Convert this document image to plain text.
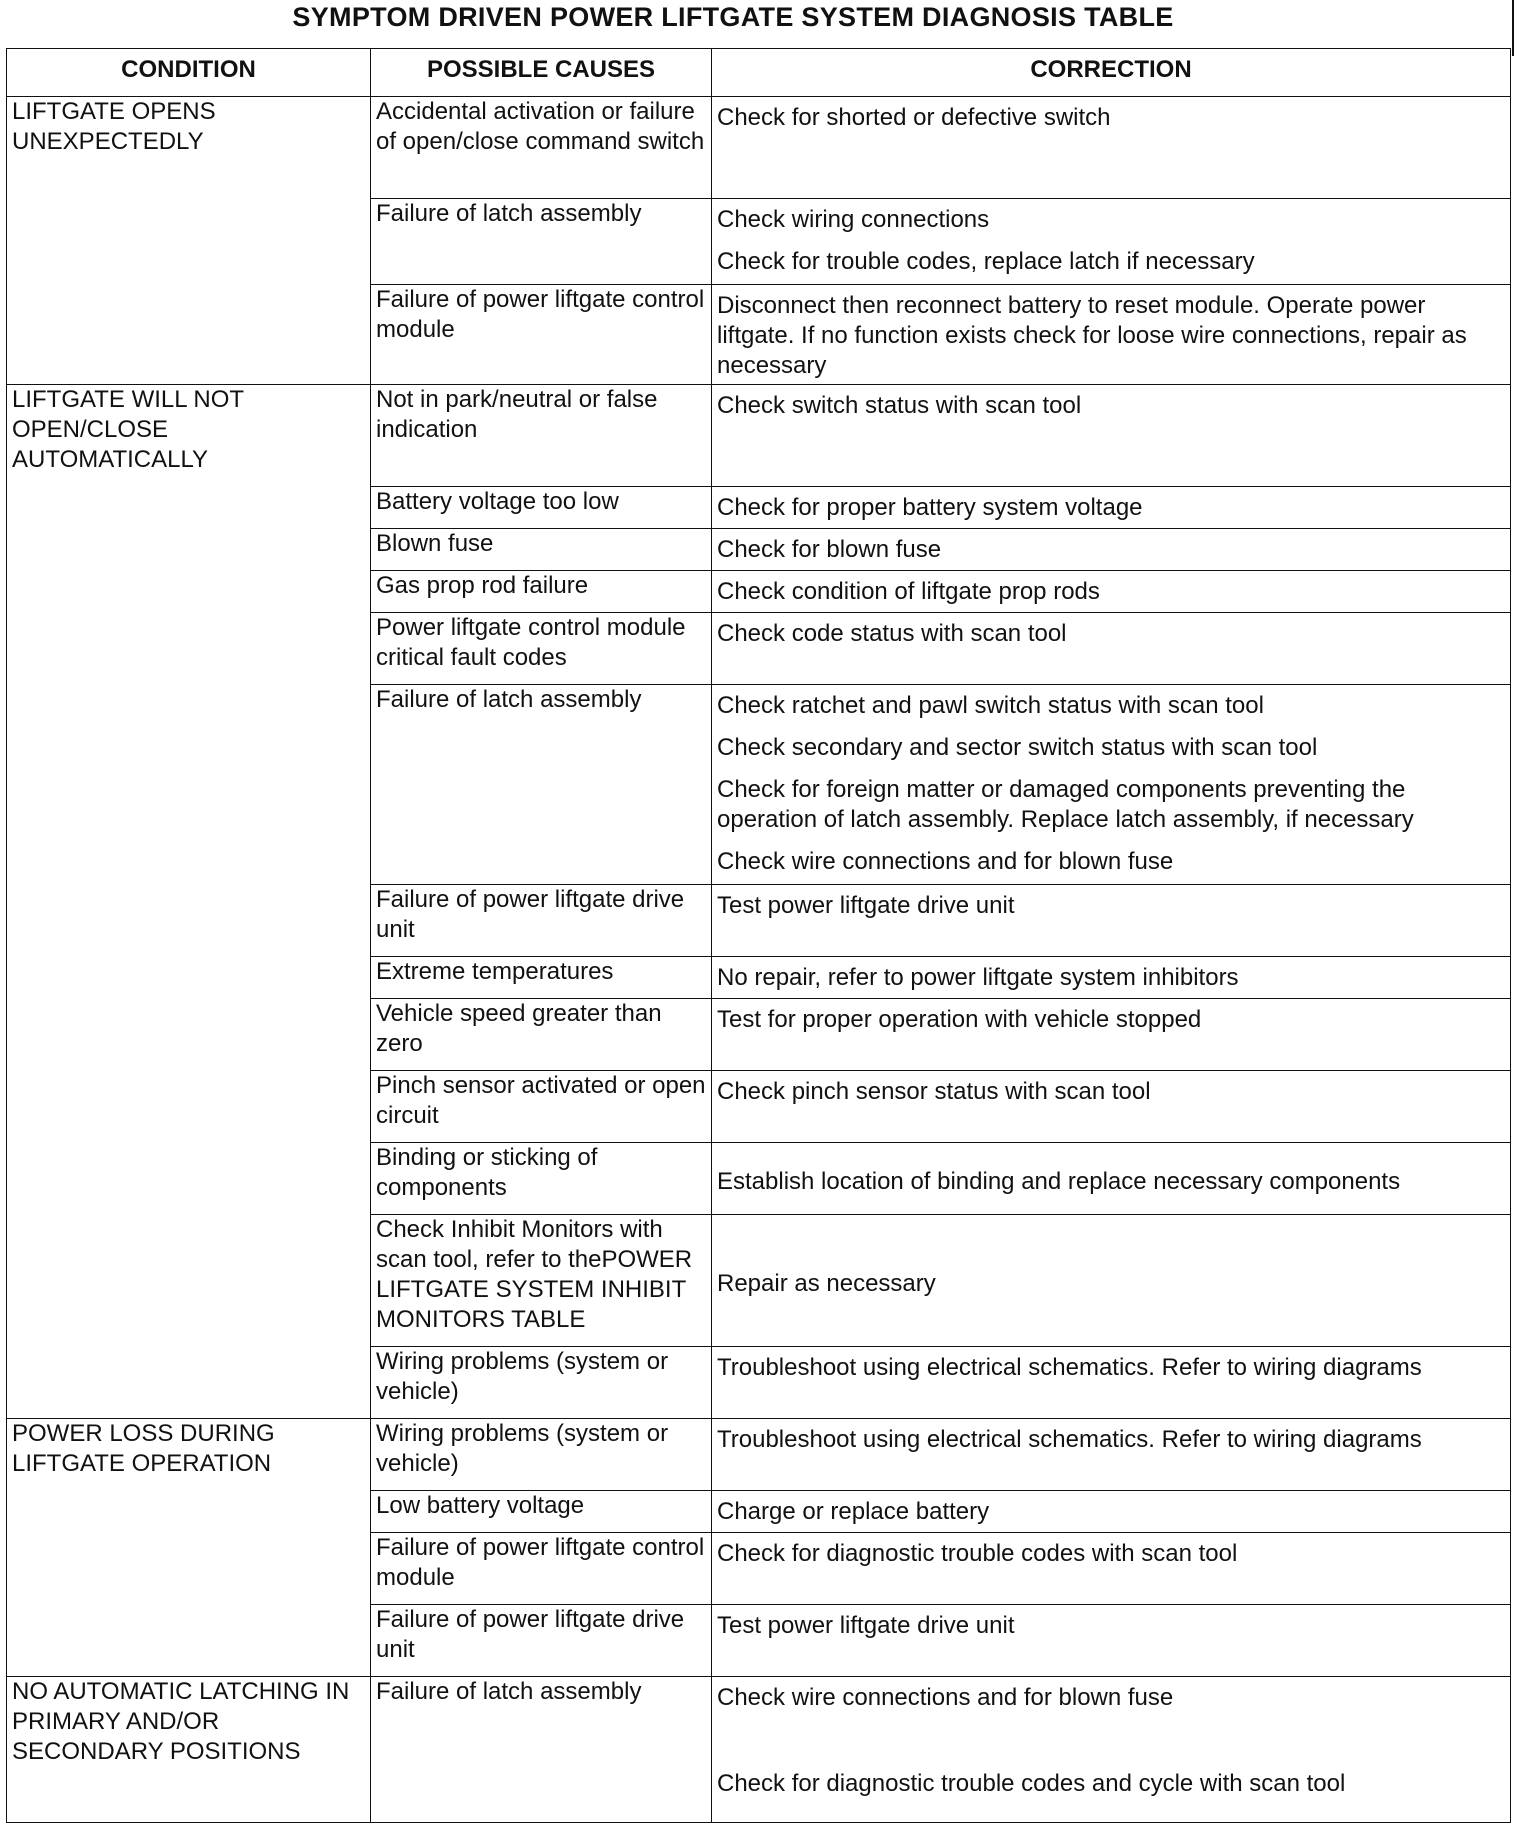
SYMPTOM DRIVEN POWER LIFTGATE SYSTEM DIAGNOSIS TABLE
CONDITION	POSSIBLE CAUSES	CORRECTION
LIFTGATE OPENS UNEXPECTEDLY	Accidental activation or failure of open/close command switch	Check for shorted or defective switch

	Failure of latch assembly	Check wiring connections
Check for trouble codes, replace latch if necessary

	Failure of power liftgate control module	Disconnect then reconnect battery to reset module. Operate power liftgate. If no function exists check for loose wire connections, repair as necessary

LIFTGATE WILL NOT OPEN/CLOSE AUTOMATICALLY	Not in park/neutral or false indication	Check switch status with scan tool

	Battery voltage too low	Check for proper battery system voltage

	Blown fuse	Check for blown fuse

	Gas prop rod failure	Check condition of liftgate prop rods

	Power liftgate control module critical fault codes	Check code status with scan tool

	Failure of latch assembly	Check ratchet and pawl switch status with scan tool
Check secondary and sector switch status with scan tool
Check for foreign matter or damaged components preventing the operation of latch assembly. Replace latch assembly, if necessary
Check wire connections and for blown fuse

	Failure of power liftgate drive unit	Test power liftgate drive unit

	Extreme temperatures	No repair, refer to power liftgate system inhibitors

	Vehicle speed greater than zero	Test for proper operation with vehicle stopped

	Pinch sensor activated or open circuit	Check pinch sensor status with scan tool

	Binding or sticking of components	Establish location of binding and replace necessary components

	Check Inhibit Monitors with scan tool, refer to thePOWER LIFTGATE SYSTEM INHIBIT MONITORS TABLE	Repair as necessary

	Wiring problems (system or vehicle)	Troubleshoot using electrical schematics. Refer to wiring diagrams

POWER LOSS DURING LIFTGATE OPERATION	Wiring problems (system or vehicle)	Troubleshoot using electrical schematics. Refer to wiring diagrams

	Low battery voltage	Charge or replace battery

	Failure of power liftgate control module	Check for diagnostic trouble codes with scan tool

	Failure of power liftgate drive unit	Test power liftgate drive unit

NO AUTOMATIC LATCHING IN PRIMARY AND/OR SECONDARY POSITIONS	Failure of latch assembly	Check wire connections and for blown fuse
Check for diagnostic trouble codes and cycle with scan tool
